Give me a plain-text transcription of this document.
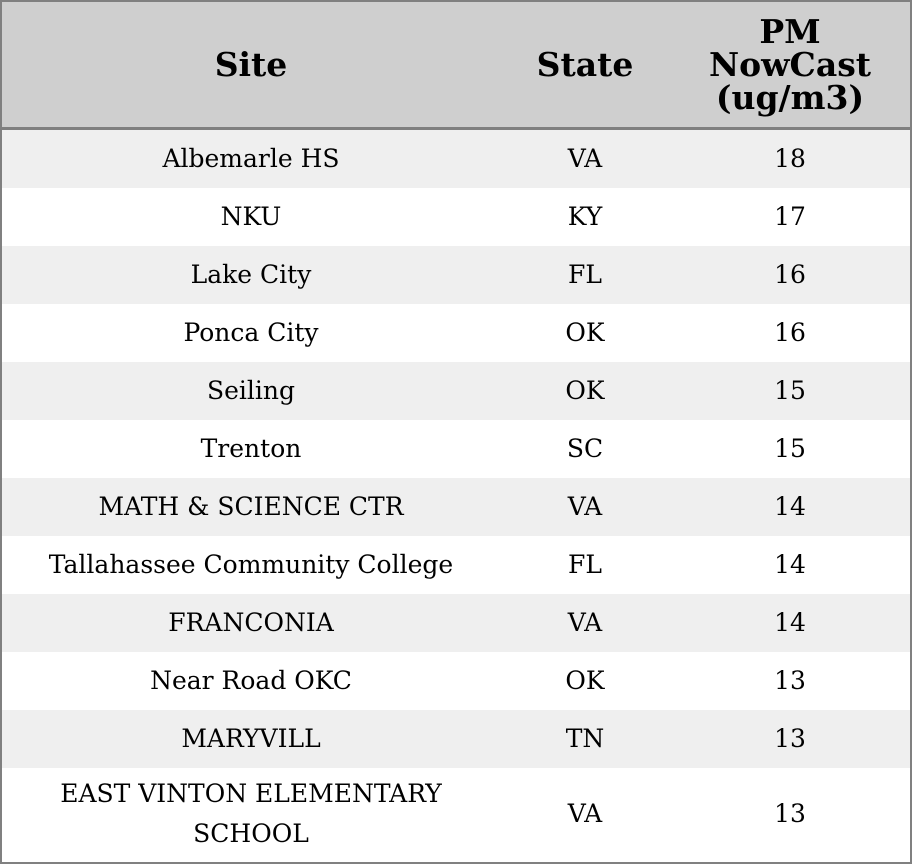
Site	State	PM NowCast (ug/m3)
Albemarle HS	VA	18
NKU	KY	17
Lake City	FL	16
Ponca City	OK	16
Seiling	OK	15
Trenton	SC	15
MATH & SCIENCE CTR	VA	14
Tallahassee Community College	FL	14
FRANCONIA	VA	14
Near Road OKC	OK	13
MARYVILL	TN	13
EAST VINTON ELEMENTARY SCHOOL	VA	13
